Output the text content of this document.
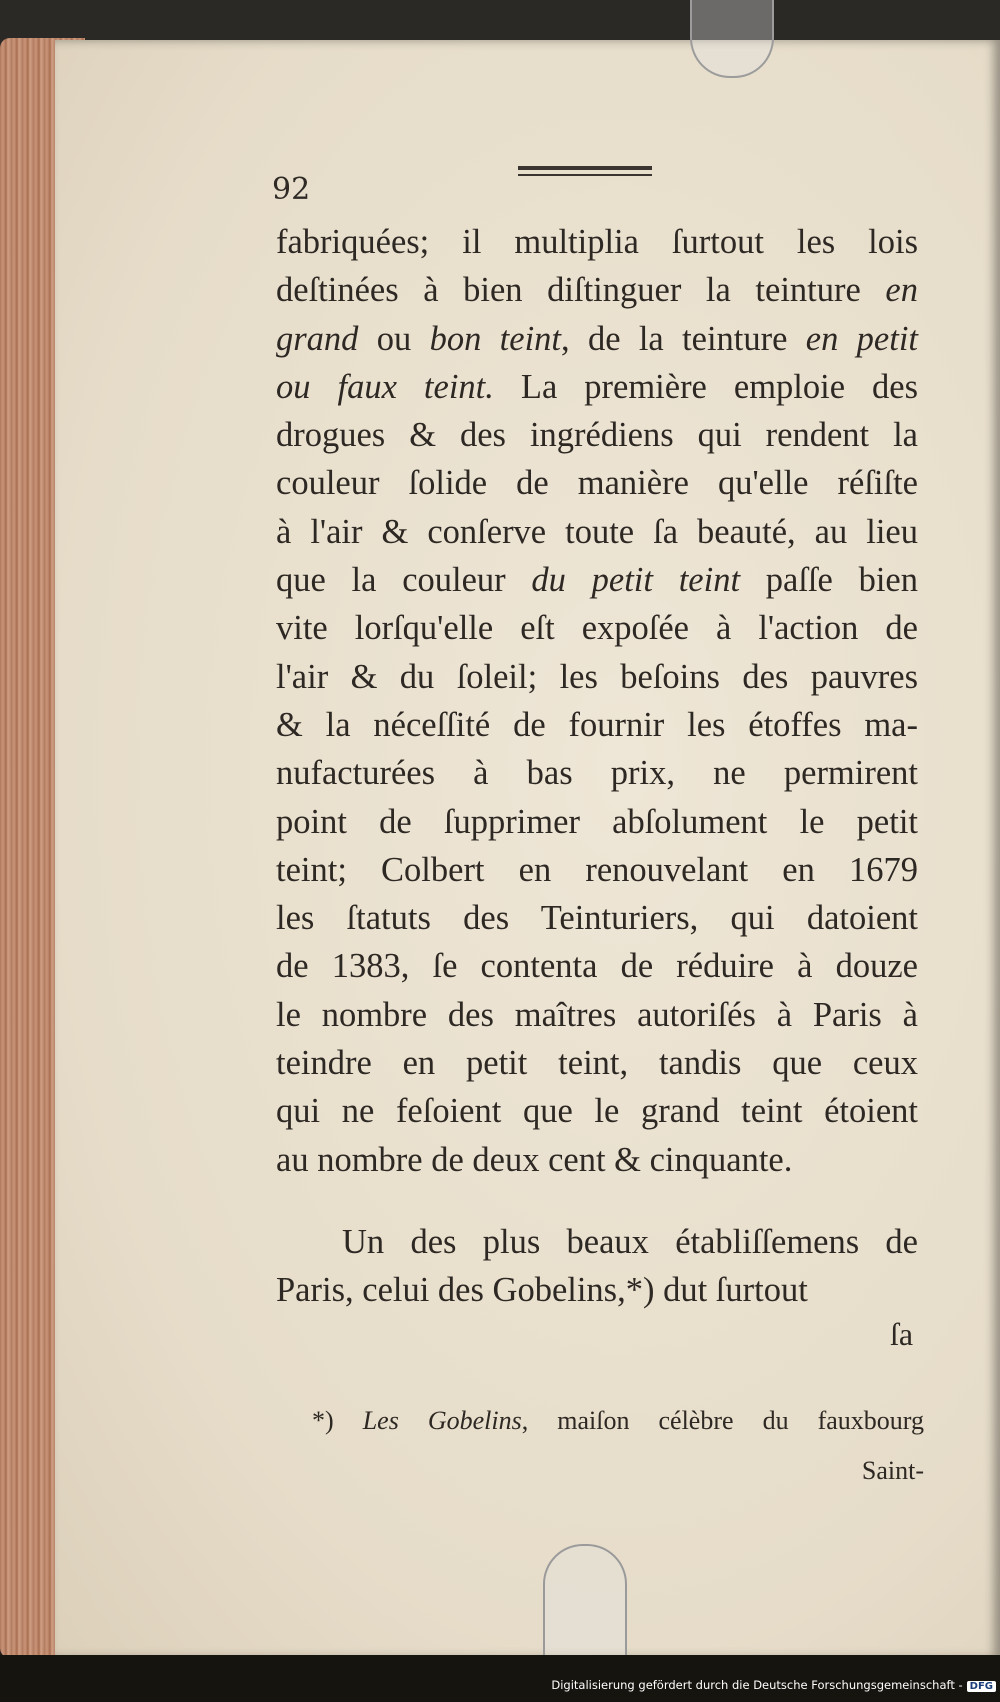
92
fabriquées; il multiplia ſurtout les lois
deſtinées à bien diſtinguer la teinture en
grand ou bon teint, de la teinture en petit
ou faux teint. La première emploie des
drogues & des ingrédiens qui rendent la
couleur ſolide de manière qu'elle réſiſte
à l'air & conſerve toute ſa beauté, au lieu
que la couleur du petit teint paſſe bien
vite lorſqu'elle eſt expoſée à l'action de
l'air & du ſoleil; les beſoins des pauvres
& la néceſſité de fournir les étoffes ma-
nufacturées à bas prix, ne permirent
point de ſupprimer abſolument le petit
teint; Colbert en renouvelant en 1679
les ſtatuts des Teinturiers, qui datoient
de 1383, ſe contenta de réduire à douze
le nombre des maîtres autoriſés à Paris à
teindre en petit teint, tandis que ceux
qui ne feſoient que le grand teint étoient
au nombre de deux cent & cinquante.
Un des plus beaux établiſſemens de
Paris, celui des Gobelins,*) dut ſurtout
ſa
*) Les Gobelins, maiſon célèbre du fauxbourg
Saint-
Digitalisierung gefördert durch die Deutsche Forschungsgemeinschaft - DFG
